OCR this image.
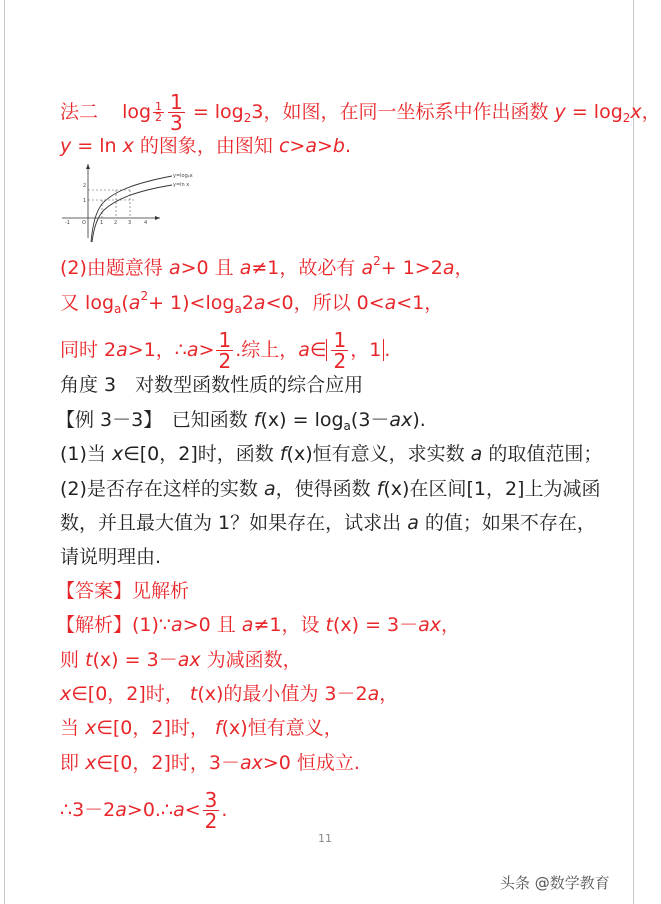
法二 $\log \frac{1}{2} \frac{1}{3} = \log_23$，如图，在同一坐标系中作出函数 $y = \log_2x$，
y = ln x 的图象，由图知 c>a>b.
y=log₂x
y=ln x
O	1 2 3	4
-1
1
2
(2)由题意得 a>0 且 a≠1，故必有 $a^2+ 1>2a$，
又 $\log_a(a^2+ 1)<\log_a2a<0$，所以 0<a<1，
同时 2a>1，∴a> $\frac{1}{2}$ .综上，a∈ $\frac{1}{2}$ ，1 .
角度 3　对数型函数性质的综合应用
【例 3－3】　已知函数 $f(x) = \log_a(3-ax)$.
(1)当 x∈[0，2]时，函数 f(x)恒有意义，求实数 a 的取值范围；
(2)是否存在这样的实数 a，使得函数 f(x)在区间[1，2]上为减函
数，并且最大值为 1？如果存在，试求出 a 的值；如果不存在，
请说明理由.
【答案】见解析
【解析】(1)∵a>0 且 a≠1，设 t(x) = 3－ax，
则 t(x) = 3－ax 为减函数，
x∈[0，2]时， t(x)的最小值为 3－2a，
当 x∈[0，2]时， f(x)恒有意义，
即 x∈[0，2]时，3－ax>0 恒成立.
∴3－2a>0.∴a< $\frac{3}{2}$ .
11
头条 @数学教育
